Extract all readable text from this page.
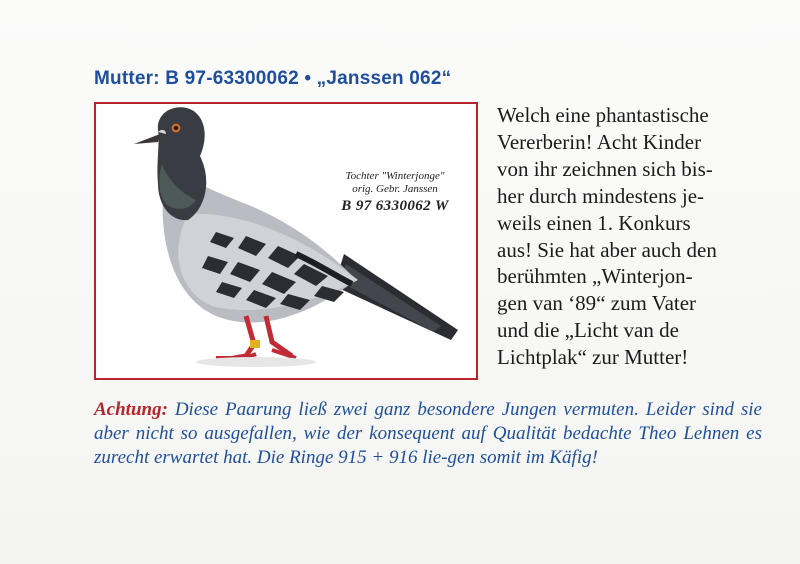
Mutter: B 97-63300062 • „Janssen 062“
Tochter "Winterjonge"
orig. Gebr. Janssen
B 97 6330062 W
Welch eine phantastische
Vererberin! Acht Kinder
von ihr zeichnen sich bis-
her durch mindestens je-
weils einen 1. Konkurs
aus! Sie hat aber auch den
berühmten „Winterjon-
gen van ‘89“ zum Vater
und die „Licht van de
Lichtplak“ zur Mutter!
Achtung: Diese Paarung ließ zwei ganz besondere Jungen vermuten. Leider sind sie aber nicht so ausgefallen, wie der konsequent auf Qualität bedachte Theo Lehnen es zurecht erwartet hat. Die Ringe 915 + 916 lie-gen somit im Käfig!
